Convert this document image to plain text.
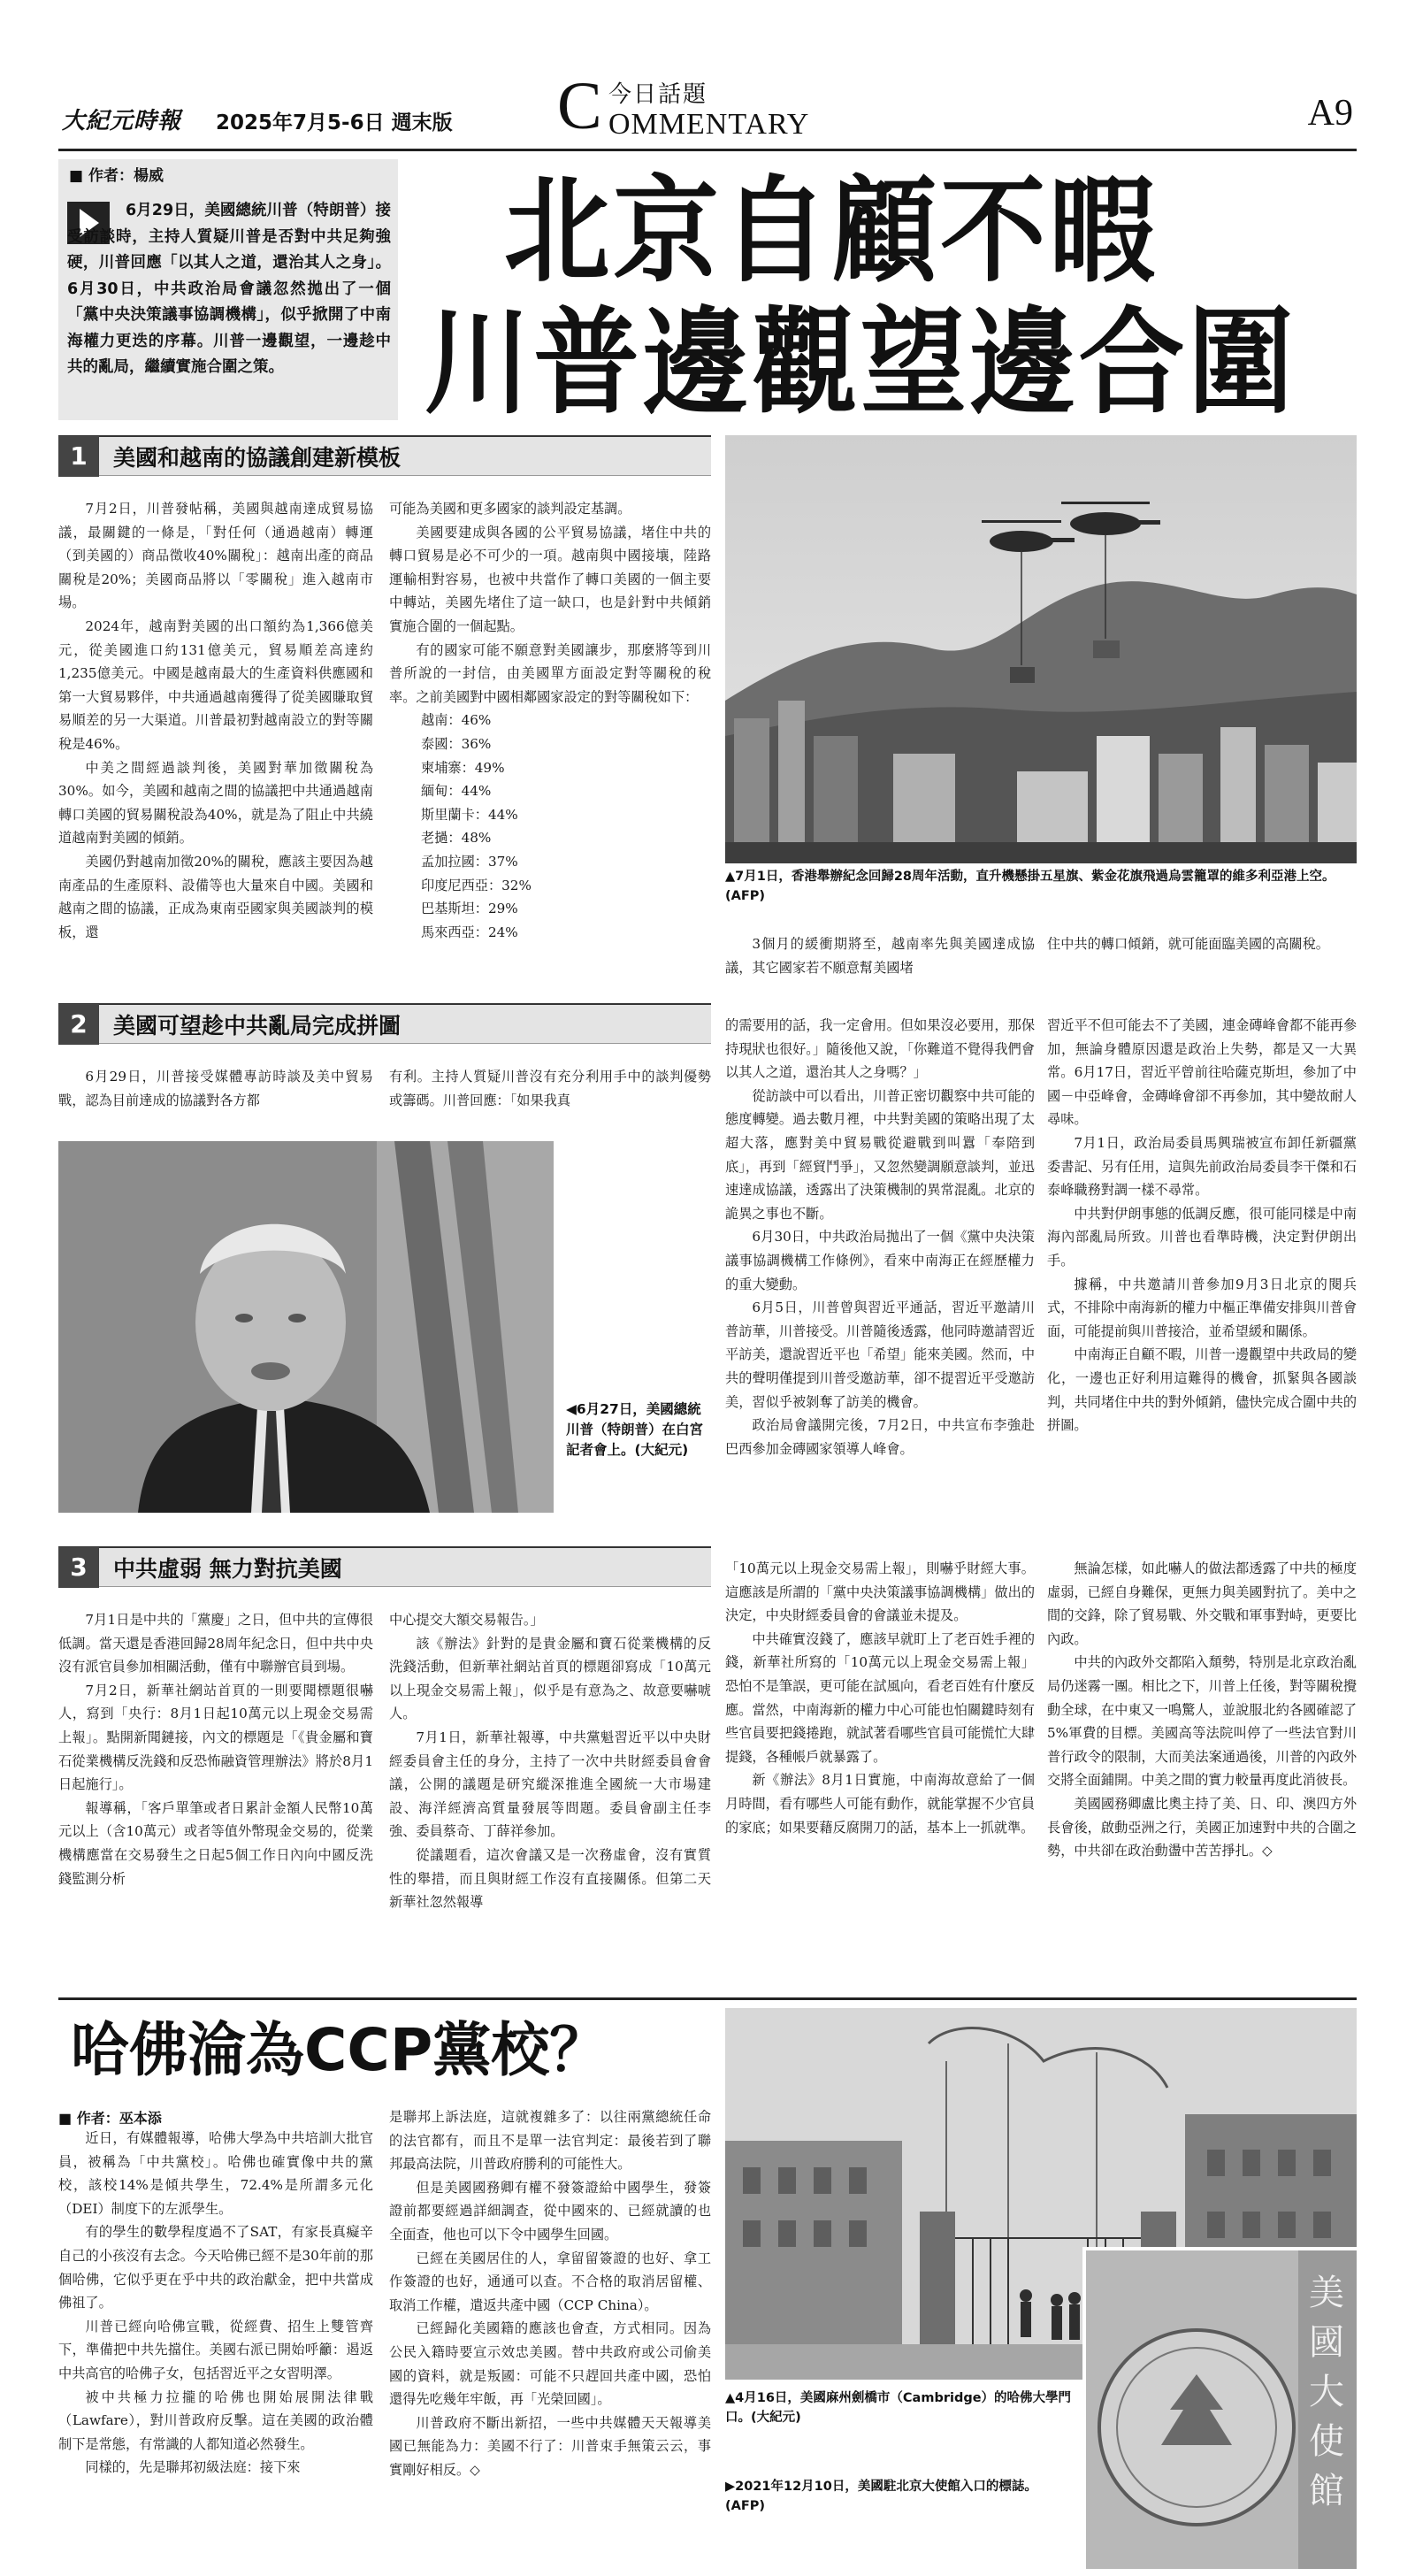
大紀元時報 2025年7月5-6日 週末版
今日話題
C OMMENTARY	A9
■ 作者：楊威
6月29日，美國總統川普（特朗普）接受訪談時，主持人質疑川普是否對中共足夠強硬，川普回應「以其人之道，還治其人之身」。6月30日，中共政治局會議忽然拋出了一個「黨中央決策議事協調機構」，似乎掀開了中南海權力更迭的序幕。川普一邊觀望，一邊趁中共的亂局，繼續實施合圍之策。
北京自顧不暇
川普邊觀望邊合圍
1	美國和越南的協議創建新模板

7月2日，川普發帖稱，美國與越南達成貿易協議，最關鍵的一條是，「對任何（通過越南）轉運（到美國的）商品徵收40%關稅」：越南出產的商品關稅是20%；美國商品將以「零關稅」進入越南市場。

2024年，越南對美國的出口額約為1,366億美元，從美國進口約131億美元，貿易順差高達約1,235億美元。中國是越南最大的生產資料供應國和第一大貿易夥伴，中共通過越南獲得了從美國賺取貿易順差的另一大渠道。川普最初對越南設立的對等關稅是46%。

中美之間經過談判後，美國對華加徵關稅為30%。如今，美國和越南之間的協議把中共通過越南轉口美國的貿易關稅設為40%，就是為了阻止中共繞道越南對美國的傾銷。

美國仍對越南加徵20%的關稅，應該主要因為越南產品的生產原料、設備等也大量來自中國。美國和越南之間的協議，正成為東南亞國家與美國談判的模板，還

可能為美國和更多國家的談判設定基調。

美國要建成與各國的公平貿易協議，堵住中共的轉口貿易是必不可少的一項。越南與中國接壤，陸路運輸相對容易，也被中共當作了轉口美國的一個主要中轉站，美國先堵住了這一缺口，也是針對中共傾銷實施合圍的一個起點。

有的國家可能不願意對美國讓步，那麼將等到川普所說的一封信，由美國單方面設定對等關稅的稅率。之前美國對中國相鄰國家設定的對等關稅如下：

越南：46%
泰國：36%
柬埔寨：49%
緬甸：44%
斯里蘭卡：44%
老撾：48%
孟加拉國：37%
印度尼西亞：32%
巴基斯坦：29%
馬來西亞：24%
▲7月1日，香港舉辦紀念回歸28周年活動，直升機懸掛五星旗、紫金花旗飛過烏雲籠罩的維多利亞港上空。(AFP)

3個月的緩衝期將至，越南率先與美國達成協議，其它國家若不願意幫美國堵

住中共的轉口傾銷，就可能面臨美國的高關稅。

2	美國可望趁中共亂局完成拼圖

6月29日，川普接受媒體專訪時談及美中貿易戰，認為目前達成的協議對各方都

有利。主持人質疑川普沒有充分利用手中的談判優勢或籌碼。川普回應：「如果我真

◀6月27日，美國總統川普（特朗普）在白宮記者會上。(大紀元)

的需要用的話，我一定會用。但如果沒必要用，那保持現狀也很好。」隨後他又說，「你難道不覺得我們會以其人之道，還治其人之身嗎？」

從訪談中可以看出，川普正密切觀察中共可能的態度轉變。過去數月裡，中共對美國的策略出現了太超大落，應對美中貿易戰從避戰到叫囂「奉陪到底」，再到「經貿鬥爭」，又忽然變調願意談判，並迅速達成協議，透露出了決策機制的異常混亂。北京的詭異之事也不斷。

6月30日，中共政治局拋出了一個《黨中央決策議事協調機構工作條例》，看來中南海正在經歷權力的重大變動。

6月5日，川普曾與習近平通話，習近平邀請川普訪華，川普接受。川普隨後透露，他同時邀請習近平訪美，還說習近平也「希望」能來美國。然而，中共的聲明僅提到川普受邀訪華，卻不提習近平受邀訪美，習似乎被剝奪了訪美的機會。

政治局會議開完後，7月2日，中共宣布李強赴巴西參加金磚國家領導人峰會。

習近平不但可能去不了美國，連金磚峰會都不能再參加，無論身體原因還是政治上失勢，都是又一大異常。6月17日，習近平曾前往哈薩克斯坦，參加了中國－中亞峰會，金磚峰會卻不再參加，其中變故耐人尋味。

7月1日，政治局委員馬興瑞被宣布卸任新疆黨委書記、另有任用，這與先前政治局委員李干傑和石泰峰職務對調一樣不尋常。

中共對伊朗事態的低調反應，很可能同樣是中南海內部亂局所致。川普也看準時機，決定對伊朗出手。

據稱，中共邀請川普參加9月3日北京的閱兵式，不排除中南海新的權力中樞正準備安排與川普會面，可能提前與川普接洽，並希望緩和關係。

中南海正自顧不暇，川普一邊觀望中共政局的變化，一邊也正好利用這難得的機會，抓緊與各國談判，共同堵住中共的對外傾銷，儘快完成合圍中共的拼圖。

3	中共虛弱 無力對抗美國

7月1日是中共的「黨慶」之日，但中共的宣傳很低調。當天還是香港回歸28周年紀念日，但中共中央沒有派官員參加相關活動，僅有中聯辦官員到場。

7月2日，新華社網站首頁的一則要聞標題很嚇人，寫到「央行：8月1日起10萬元以上現金交易需上報」。點開新聞鏈接，內文的標題是「《貴金屬和寶石從業機構反洗錢和反恐怖融資管理辦法》將於8月1日起施行」。

報導稱，「客戶單筆或者日累計金額人民幣10萬元以上（含10萬元）或者等值外幣現金交易的，從業機構應當在交易發生之日起5個工作日內向中國反洗錢監測分析

中心提交大額交易報告。」

該《辦法》針對的是貴金屬和寶石從業機構的反洗錢活動，但新華社網站首頁的標題卻寫成「10萬元以上現金交易需上報」，似乎是有意為之、故意要嚇唬人。

7月1日，新華社報導，中共黨魁習近平以中央財經委員會主任的身分，主持了一次中共財經委員會會議，公開的議題是研究縱深推進全國統一大市場建設、海洋經濟高質量發展等問題。委員會副主任李強、委員蔡奇、丁薛祥參加。

從議題看，這次會議又是一次務虛會，沒有實質性的舉措，而且與財經工作沒有直接關係。但第二天新華社忽然報導

「10萬元以上現金交易需上報」，則嚇乎財經大事。這應該是所謂的「黨中央決策議事協調機構」做出的決定，中央財經委員會的會議並未提及。

中共確實沒錢了，應該早就盯上了老百姓手裡的錢，新華社所寫的「10萬元以上現金交易需上報」恐怕不是筆誤，更可能在試風向，看老百姓有什麼反應。當然，中南海新的權力中心可能也怕關鍵時刻有些官員要把錢捲跑，就試著看哪些官員可能慌忙大肆提錢，各種帳戶就暴露了。

新《辦法》8月1日實施，中南海故意給了一個月時間，看有哪些人可能有動作，就能掌握不少官員的家底；如果要藉反腐開刀的話，基本上一抓就準。

無論怎樣，如此嚇人的做法都透露了中共的極度虛弱，已經自身難保，更無力與美國對抗了。美中之間的交鋒，除了貿易戰、外交戰和軍事對峙，更要比內政。

中共的內政外交都陷入頹勢，特別是北京政治亂局仍迷霧一團。相比之下，川普上任後，對等關稅攪動全球，在中東又一鳴驚人，並說服北約各國確認了5%軍費的目標。美國高等法院叫停了一些法官對川普行政令的限制，大而美法案通過後，川普的內政外交將全面鋪開。中美之間的實力較量再度此消彼長。

美國國務卿盧比奧主持了美、日、印、澳四方外長會後，啟動亞洲之行，美國正加速對中共的合圍之勢，中共卻在政治動盪中苦苦掙扎。◇

哈佛淪為CCP黨校？
■ 作者：巫本添

近日，有媒體報導，哈佛大學為中共培訓大批官員，被稱為「中共黨校」。哈佛也確實像中共的黨校，該校14%是傾共學生，72.4%是所謂多元化（DEI）制度下的左派學生。

有的學生的數學程度過不了SAT，有家長真癡辛自己的小孩沒有去念。今天哈佛已經不是30年前的那個哈佛，它似乎更在乎中共的政治獻金，把中共當成佛祖了。

川普已經向哈佛宣戰，從經費、招生上雙管齊下，準備把中共先擋住。美國右派已開始呼籲：遏返中共高官的哈佛子女，包括習近平之女習明澤。

被中共極力拉攏的哈佛也開始展開法律戰（Lawfare），對川普政府反擊。這在美國的政治體制下是常態，有常識的人都知道必然發生。

同樣的，先是聯邦初級法庭：接下來

是聯邦上訴法庭，這就複雜多了：以往兩黨總統任命的法官都有，而且不是單一法官判定：最後若到了聯邦最高法院，川普政府勝利的可能性大。

但是美國國務卿有權不發簽證給中國學生，發簽證前都要經過詳細調查，從中國來的、已經就讀的也全面查，他也可以下令中國學生回國。

已經在美國居住的人，拿留留簽證的也好、拿工作簽證的也好，通通可以查。不合格的取消居留權、取消工作權，遣返共產中國（CCP China）。

已經歸化美國籍的應該也會查，方式相同。因為公民入籍時要宣示效忠美國。替中共政府或公司偷美國的資料，就是叛國：可能不只趕回共產中國，恐怕還得先吃幾年牢飯，再「光榮回國」。

川普政府不斷出新招，一些中共媒體天天報導美國已無能為力：美國不行了：川普束手無策云云，事實剛好相反。◇

美國大使館
▲4月16日，美國麻州劍橋市（Cambridge）的哈佛大學門口。(大紀元)
▶2021年12月10日，美國駐北京大使館入口的標誌。(AFP)
